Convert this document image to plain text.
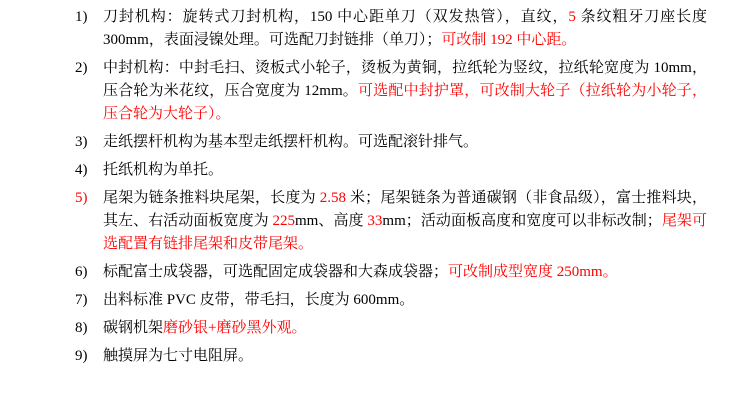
1)	刀封机构：旋转式刀封机构，150 中心距单刀（双发热管），直纹，5 条纹粗牙刀座长度 300mm，表面浸镍处理。可选配刀封链排（单刀）；可改制 192 中心距。
2)	中封机构：中封毛扫、烫板式小轮子，烫板为黄铜，拉纸轮为竖纹，拉纸轮宽度为 10mm，压合轮为米花纹，压合宽度为 12mm。可选配中封护罩，可改制大轮子（拉纸轮为小轮子，压合轮为大轮子）。
3)	走纸摆杆机构为基本型走纸摆杆机构。可选配滚针排气。
4)	托纸机构为单托。
5)	尾架为链条推料块尾架，长度为 2.58 米；尾架链条为普通碳钢（非食品级），富士推料块，其左、右活动面板宽度为 225mm、高度 33mm；活动面板高度和宽度可以非标改制；尾架可选配置有链排尾架和皮带尾架。
6)	标配富士成袋器，可选配固定成袋器和大森成袋器；可改制成型宽度 250mm。
7)	出料标准 PVC 皮带，带毛扫，长度为 600mm。
8)	碳钢机架磨砂银+磨砂黑外观。
9)	触摸屏为七寸电阻屏。
